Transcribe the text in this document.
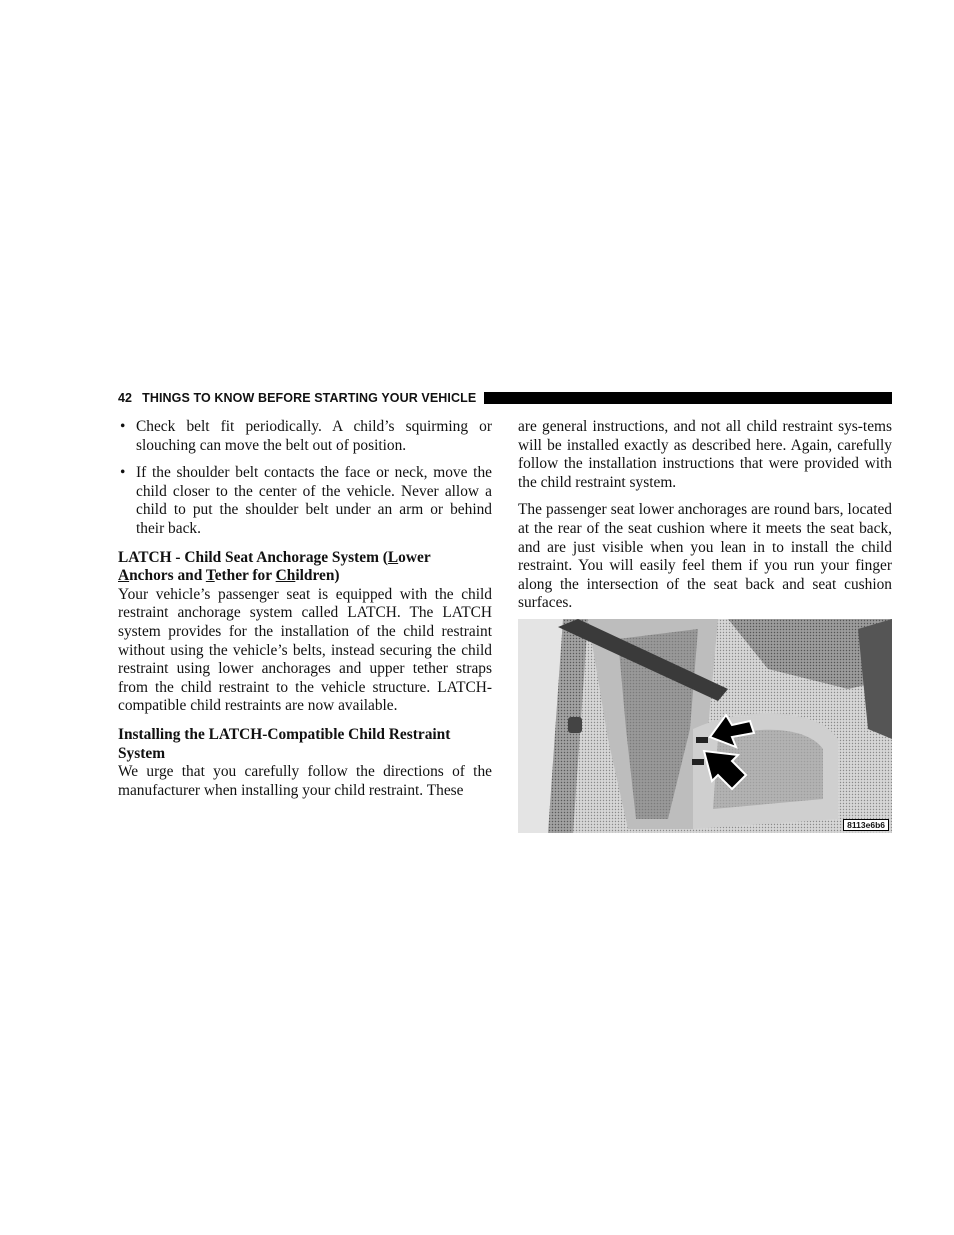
42 THINGS TO KNOW BEFORE STARTING YOUR VEHICLE
• Check belt fit periodically. A child’s squirming or slouching can move the belt out of position.
• If the shoulder belt contacts the face or neck, move the child closer to the center of the vehicle. Never allow a child to put the shoulder belt under an arm or behind their back.
LATCH - Child Seat Anchorage System (Lower
Anchors and Tether for Children)

Your vehicle’s passenger seat is equipped with the child restraint anchorage system called LATCH. The LATCH system provides for the installation of the child restraint without using the vehicle’s belts, instead securing the child restraint using lower anchorages and upper tether straps from the child restraint to the vehicle structure. LATCH-compatible child restraints are now available.

Installing the LATCH-Compatible Child Restraint System

We urge that you carefully follow the directions of the manufacturer when installing your child restraint. These

are general instructions, and not all child restraint sys-tems will be installed exactly as described here. Again, carefully follow the installation instructions that were provided with the child restraint system.

The passenger seat lower anchorages are round bars, located at the rear of the seat cushion where it meets the seat back, and are just visible when you lean in to install the child restraint. You will easily feel them if you run your finger along the intersection of the seat back and seat cushion surfaces.

8113e6b6
